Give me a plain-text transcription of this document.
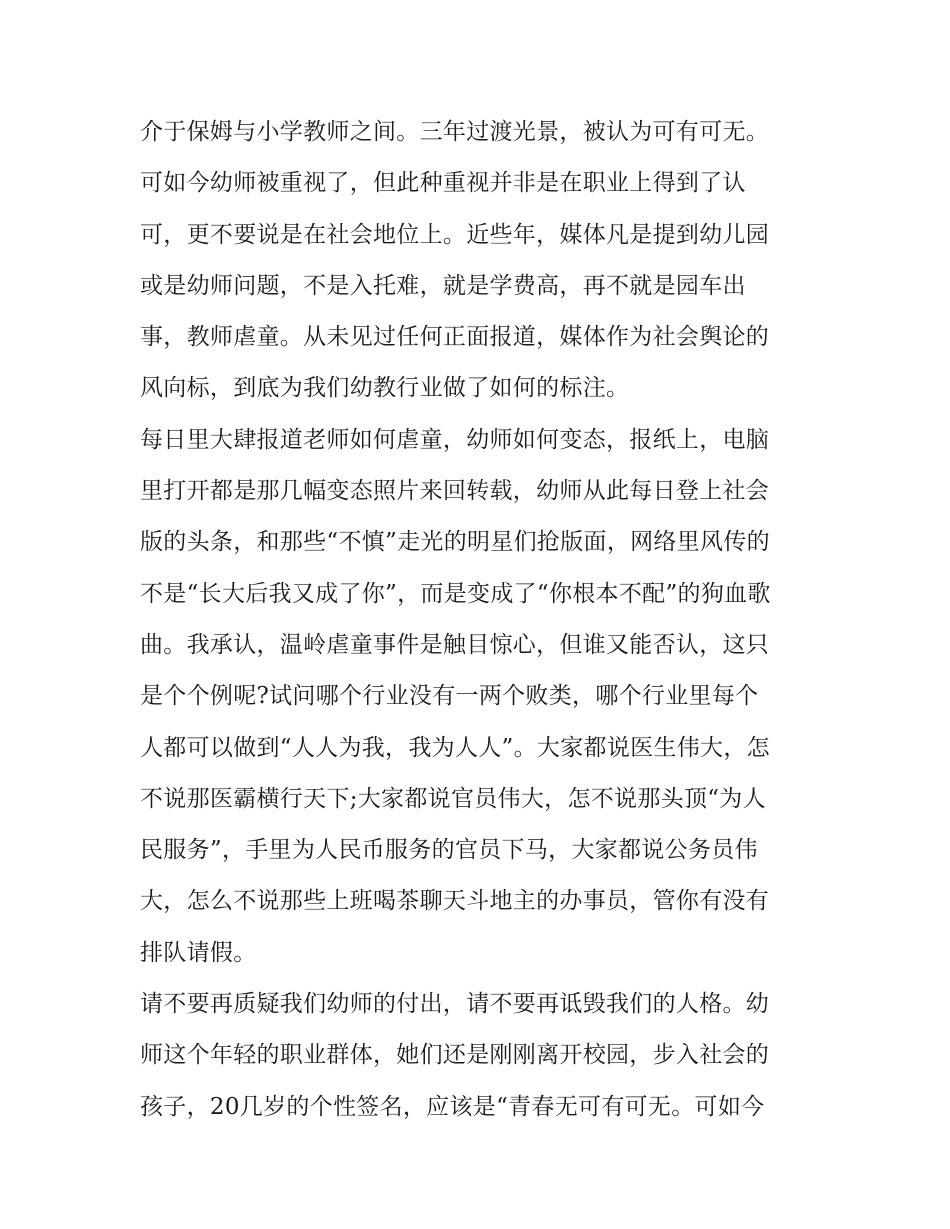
介于保姆与小学教师之间。三年过渡光景，被认为可有可无。
可如今幼师被重视了，但此种重视并非是在职业上得到了认
可，更不要说是在社会地位上。近些年，媒体凡是提到幼儿园
或是幼师问题，不是入托难，就是学费高，再不就是园车出
事，教师虐童。从未见过任何正面报道，媒体作为社会舆论的
风向标，到底为我们幼教行业做了如何的标注。
每日里大肆报道老师如何虐童，幼师如何变态，报纸上，电脑
里打开都是那几幅变态照片来回转载，幼师从此每日登上社会
版的头条，和那些“不慎”走光的明星们抢版面，网络里风传的
不是“长大后我又成了你”，而是变成了“你根本不配”的狗血歌
曲。我承认，温岭虐童事件是触目惊心，但谁又能否认，这只
是个个例呢?试问哪个行业没有一两个败类，哪个行业里每个
人都可以做到“人人为我，我为人人”。大家都说医生伟大，怎
不说那医霸横行天下;大家都说官员伟大，怎不说那头顶“为人
民服务”，手里为人民币服务的官员下马，大家都说公务员伟
大，怎么不说那些上班喝茶聊天斗地主的办事员，管你有没有
排队请假。
请不要再质疑我们幼师的付出，请不要再诋毁我们的人格。幼
师这个年轻的职业群体，她们还是刚刚离开校园，步入社会的
孩子，20几岁的个性签名，应该是“青春无可有可无。可如今
